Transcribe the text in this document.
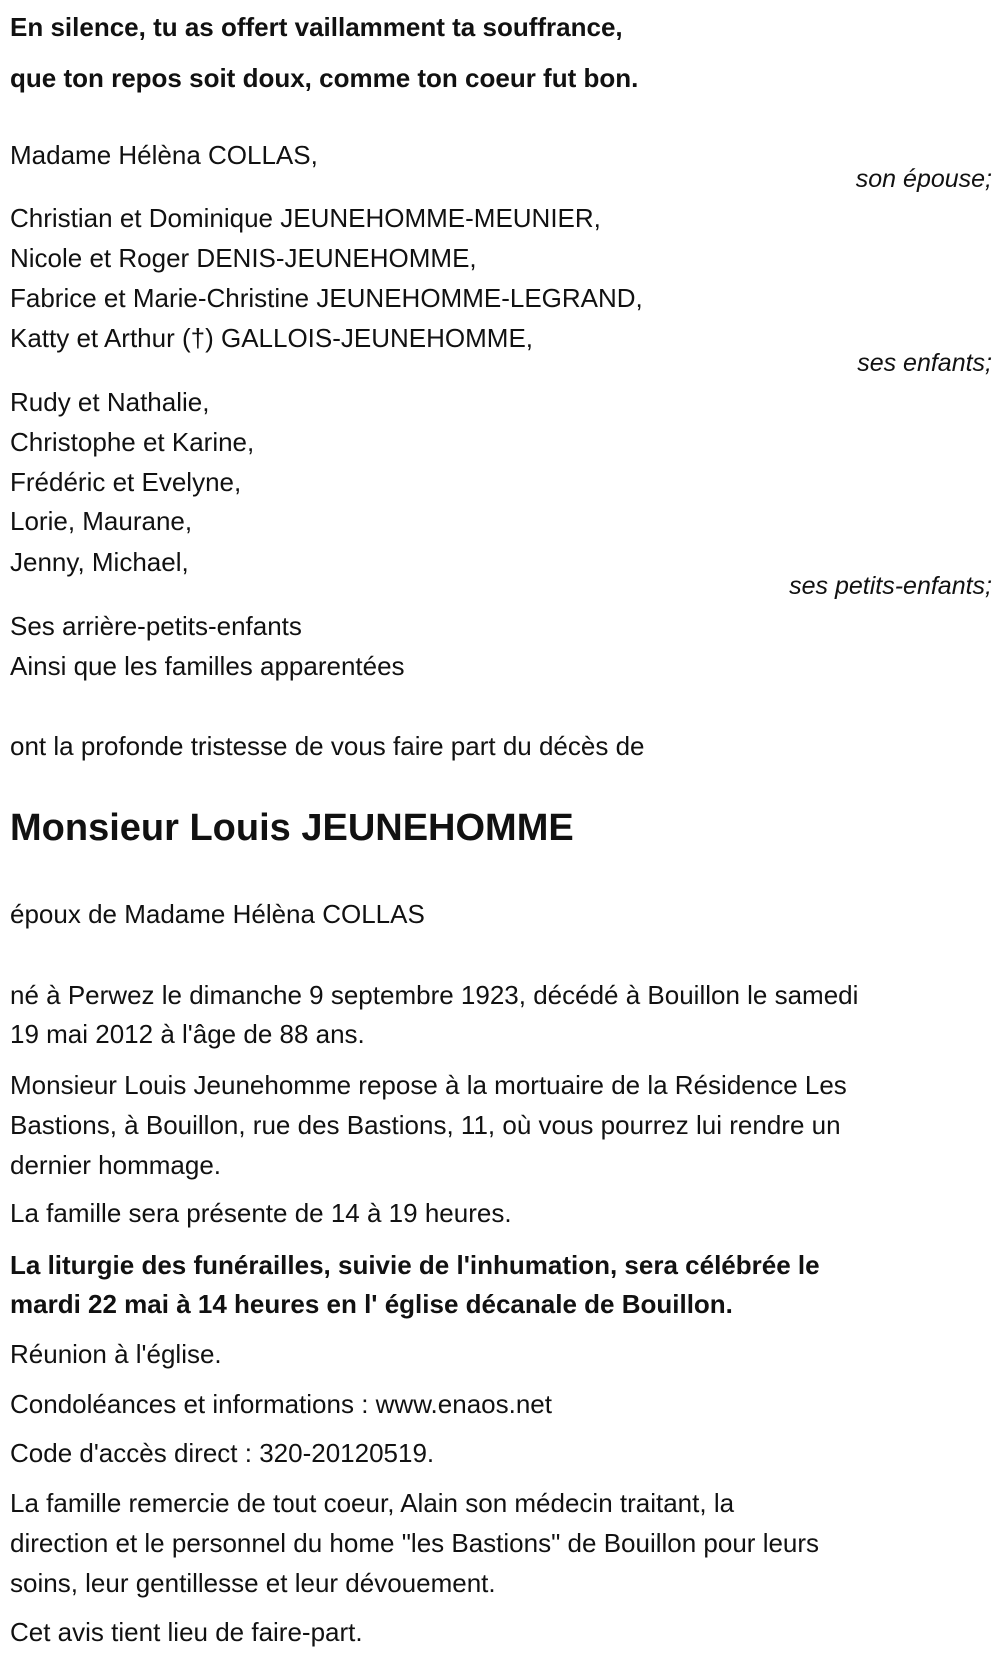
En silence, tu as offert vaillamment ta souffrance,
que ton repos soit doux, comme ton coeur fut bon.
Madame Hélèna COLLAS,
son épouse;
Christian et Dominique JEUNEHOMME-MEUNIER,
Nicole et Roger DENIS-JEUNEHOMME,
Fabrice et Marie-Christine JEUNEHOMME-LEGRAND,
Katty et Arthur (†) GALLOIS-JEUNEHOMME,
ses enfants;
Rudy et Nathalie,
Christophe et Karine,
Frédéric et Evelyne,
Lorie, Maurane,
Jenny, Michael,
ses petits-enfants;
Ses arrière-petits-enfants
Ainsi que les familles apparentées
ont la profonde tristesse de vous faire part du décès de
Monsieur Louis JEUNEHOMME
époux de Madame Hélèna COLLAS
né à Perwez le dimanche 9 septembre 1923, décédé à Bouillon le samedi
19 mai 2012 à l'âge de 88 ans.
Monsieur Louis Jeunehomme repose à la mortuaire de la Résidence Les
Bastions, à Bouillon, rue des Bastions, 11, où vous pourrez lui rendre un
dernier hommage.
La famille sera présente de 14 à 19 heures.
La liturgie des funérailles, suivie de l'inhumation, sera célébrée le
mardi 22 mai à 14 heures en l' église décanale de Bouillon.
Réunion à l'église.
Condoléances et informations : www.enaos.net
Code d'accès direct : 320-20120519.
La famille remercie de tout coeur, Alain son médecin traitant, la
direction et le personnel du home "les Bastions" de Bouillon pour leurs
soins, leur gentillesse et leur dévouement.
Cet avis tient lieu de faire-part.
